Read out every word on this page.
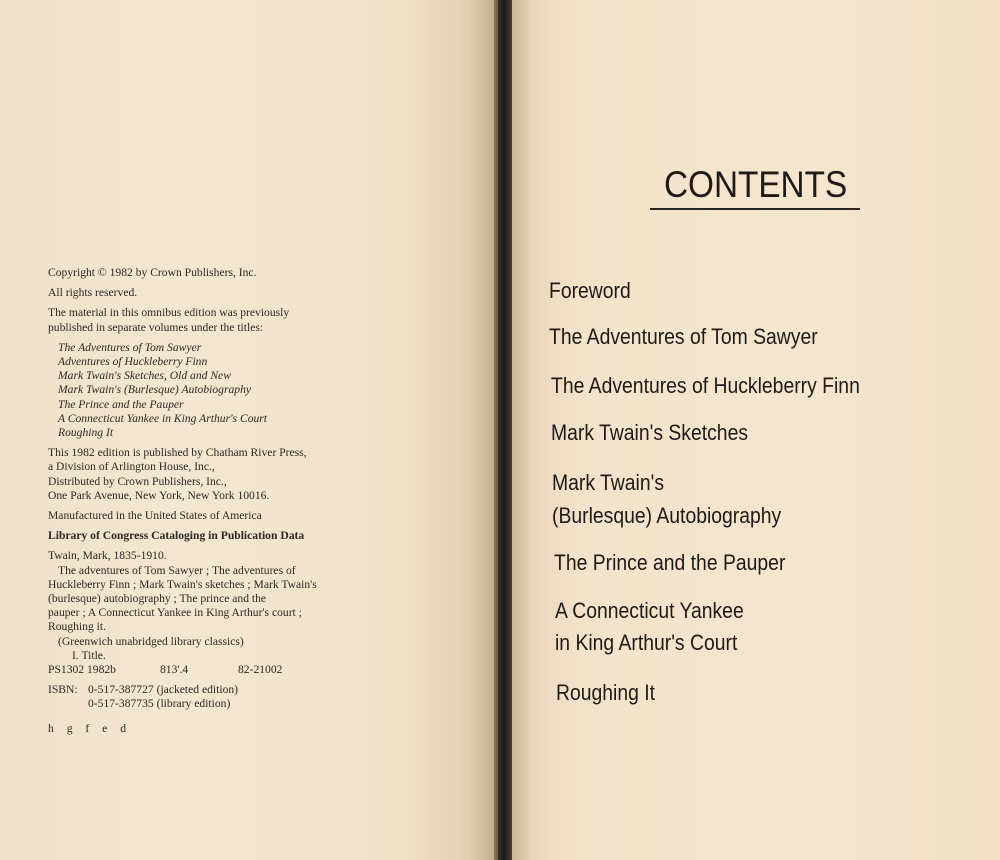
Copyright © 1982 by Crown Publishers, Inc.
All rights reserved.
The material in this omnibus edition was previously
published in separate volumes under the titles:
The Adventures of Tom Sawyer
Adventures of Huckleberry Finn
Mark Twain's Sketches, Old and New
Mark Twain's (Burlesque) Autobiography
The Prince and the Pauper
A Connecticut Yankee in King Arthur's Court
Roughing It
This 1982 edition is published by Chatham River Press,
a Division of Arlington House, Inc.,
Distributed by Crown Publishers, Inc.,
One Park Avenue, New York, New York 10016.
Manufactured in the United States of America
Library of Congress Cataloging in Publication Data
Twain, Mark, 1835-1910.
The adventures of Tom Sawyer ; The adventures of
Huckleberry Finn ; Mark Twain's sketches ; Mark Twain's
(burlesque) autobiography ; The prince and the
pauper ; A Connecticut Yankee in King Arthur's court ;
Roughing it.
(Greenwich unabridged library classics)
I. Title.
PS1302 1982b	813'.4	82-21002
ISBN: 0-517-387727 (jacketed edition)
0-517-387735 (library edition)
h g f e d
CONTENTS
Foreword
The Adventures of Tom Sawyer
The Adventures of Huckleberry Finn
Mark Twain's Sketches
Mark Twain's
(Burlesque) Autobiography
The Prince and the Pauper
A Connecticut Yankee
in King Arthur's Court
Roughing It
